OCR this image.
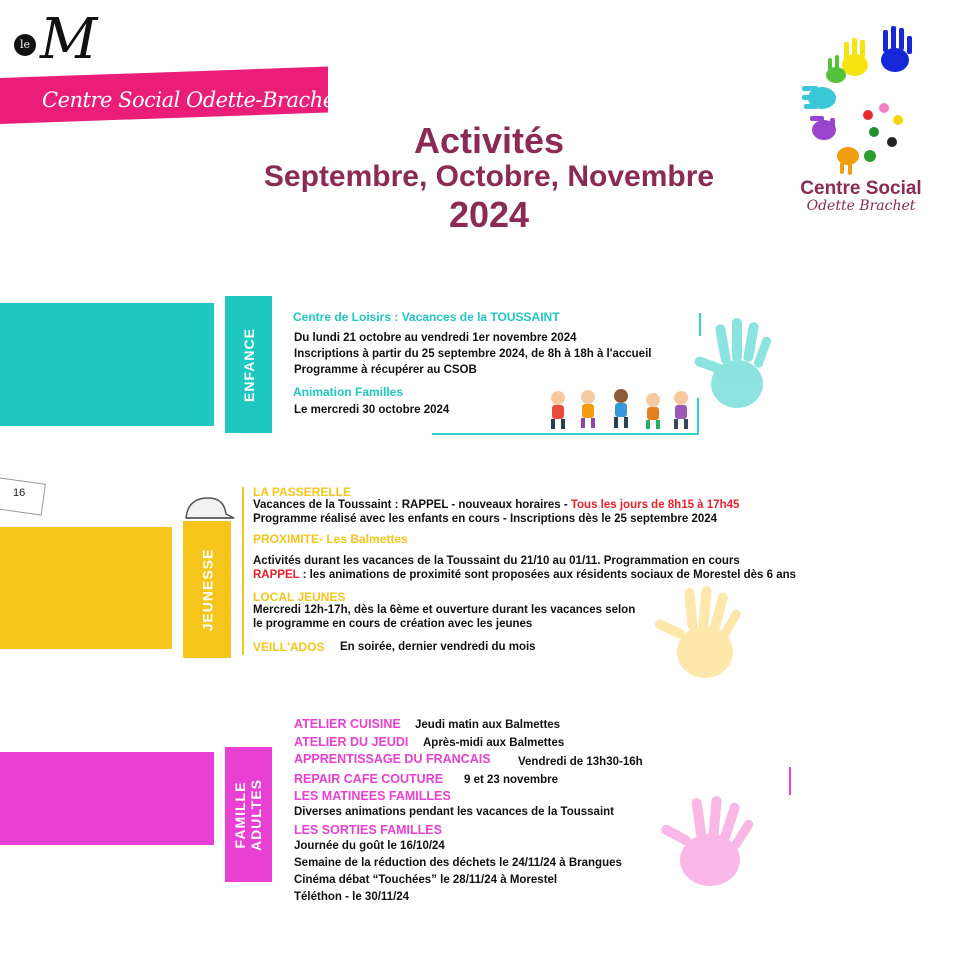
le M
Centre Social Odette-Brachet
Activités
Septembre, Octobre, Novembre
2024
Centre Social
Odette Brachet
ENFANCE
Centre de Loisirs : Vacances de la TOUSSAINT
Du lundi 21 octobre au vendredi 1er novembre 2024
Inscriptions à partir du 25 septembre 2024, de 8h à 18h à l'accueil
Programme à récupérer au CSOB
Animation Familles
Le mercredi 30 octobre 2024
16
JEUNESSE
LA PASSERELLE
Vacances de la Toussaint : RAPPEL - nouveaux horaires - Tous les jours de 8h15 à 17h45
Programme réalisé avec les enfants en cours - Inscriptions dès le 25 septembre 2024
PROXIMITE- Les Balmettes
Activités durant les vacances de la Toussaint du 21/10 au 01/11. Programmation en cours
RAPPEL : les animations de proximité sont proposées aux résidents sociaux de Morestel dès 6 ans
LOCAL JEUNES
Mercredi 12h-17h, dès la 6ème et ouverture durant les vacances selon
le programme en cours de création avec les jeunes
VEILL'ADOS En soirée, dernier vendredi du mois
FAMILLE
ADULTES
ATELIER CUISINE Jeudi matin aux Balmettes
ATELIER DU JEUDI Après-midi aux Balmettes
APPRENTISSAGE DU FRANCAIS Vendredi de 13h30-16h
REPAIR CAFE COUTURE 9 et 23 novembre
LES MATINEES FAMILLES
Diverses animations pendant les vacances de la Toussaint
LES SORTIES FAMILLES
Journée du goût le 16/10/24
Semaine de la réduction des déchets le 24/11/24 à Brangues
Cinéma débat “Touchées” le 28/11/24 à Morestel
Téléthon - le 30/11/24
